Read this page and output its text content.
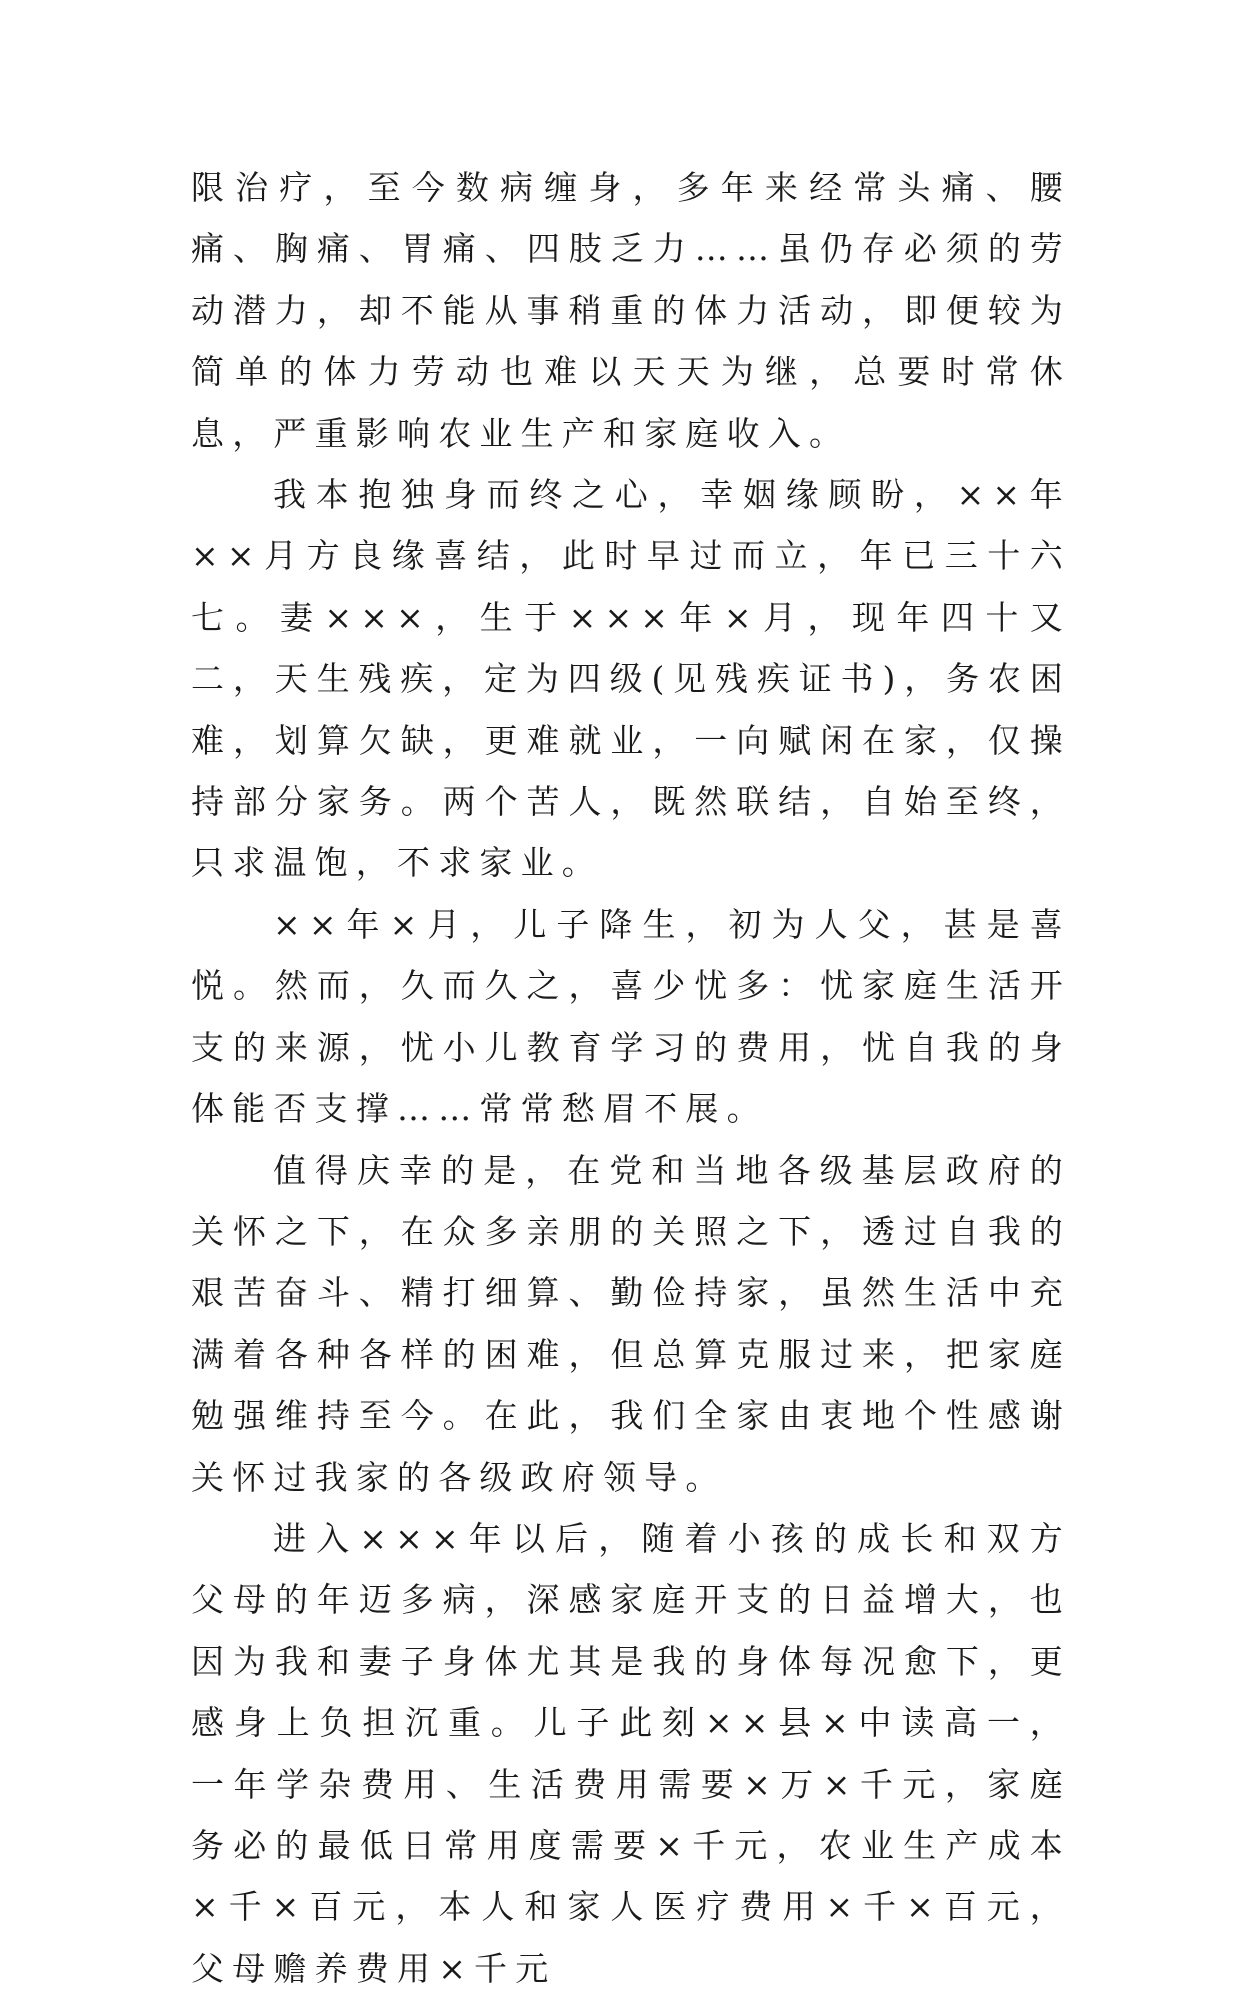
限治疗，至今数病缠身，多年来经常头痛、腰痛、胸痛、胃痛、四肢乏力……虽仍存必须的劳动潜力，却不能从事稍重的体力活动，即便较为简单的体力劳动也难以天天为继，总要时常休息，严重影响农业生产和家庭收入。

我本抱独身而终之心，幸姻缘顾盼，××年××月方良缘喜结，此时早过而立，年已三十六七。妻×××，生于×××年×月，现年四十又二，天生残疾，定为四级(见残疾证书)，务农困难，划算欠缺，更难就业，一向赋闲在家，仅操持部分家务。两个苦人，既然联结，自始至终，只求温饱，不求家业。

××年×月，儿子降生，初为人父，甚是喜悦。然而，久而久之，喜少忧多：忧家庭生活开支的来源，忧小儿教育学习的费用，忧自我的身体能否支撑……常常愁眉不展。

值得庆幸的是，在党和当地各级基层政府的关怀之下，在众多亲朋的关照之下，透过自我的艰苦奋斗、精打细算、勤俭持家，虽然生活中充满着各种各样的困难，但总算克服过来，把家庭勉强维持至今。在此，我们全家由衷地个性感谢关怀过我家的各级政府领导。

进入×××年以后，随着小孩的成长和双方父母的年迈多病，深感家庭开支的日益增大，也因为我和妻子身体尤其是我的身体每况愈下，更感身上负担沉重。儿子此刻××县×中读高一，一年学杂费用、生活费用需要×万×千元，家庭务必的最低日常用度需要×千元，农业生产成本×千×百元，本人和家人医疗费用×千×百元，父母赡养费用×千元
